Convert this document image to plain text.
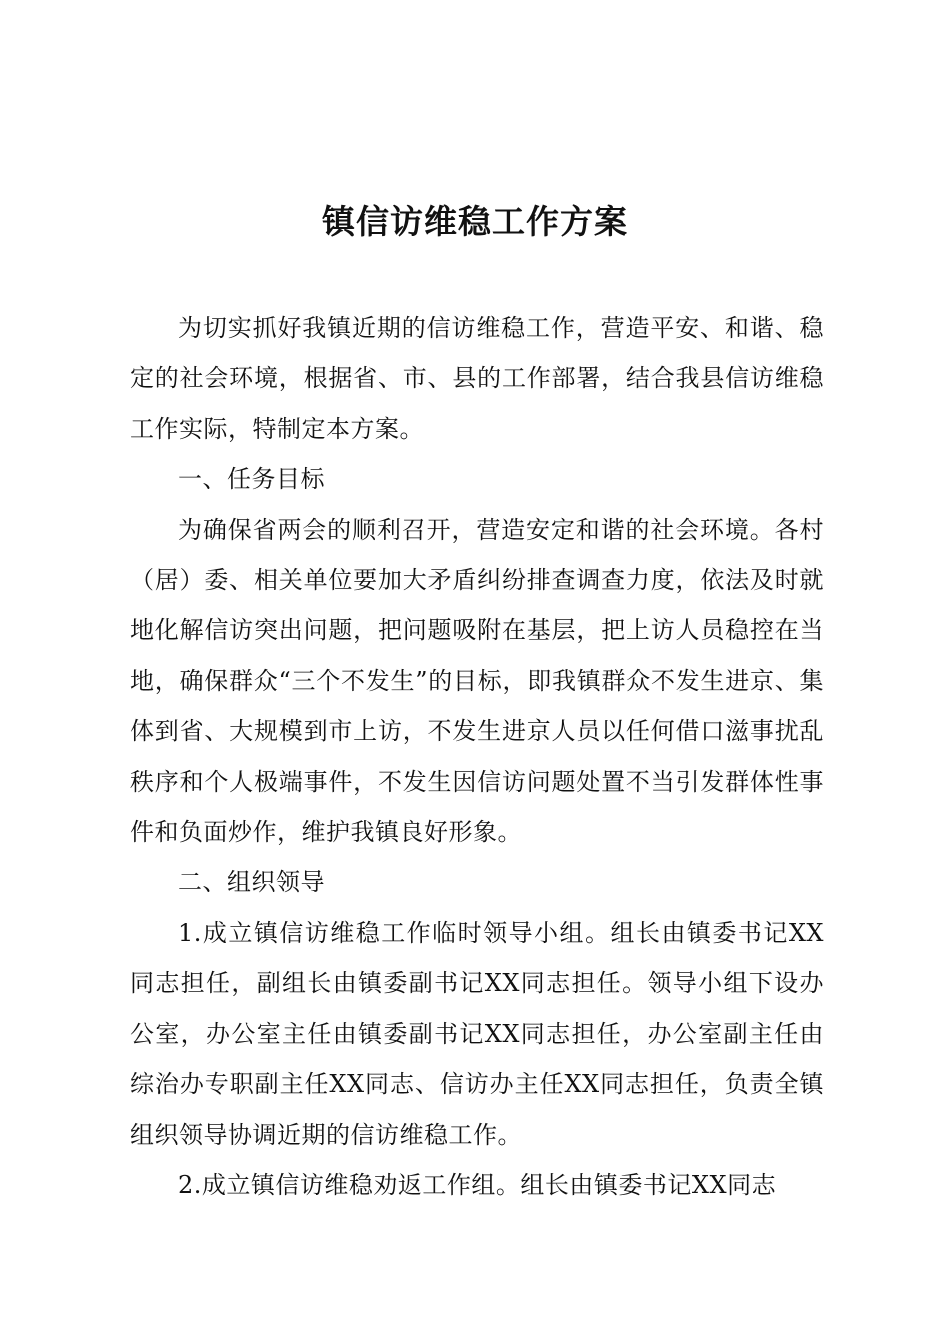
镇信访维稳工作方案

为切实抓好我镇近期的信访维稳工作，营造平安、和谐、稳定的社会环境，根据省、市、县的工作部署，结合我县信访维稳工作实际，特制定本方案。

一、任务目标

为确保省两会的顺利召开，营造安定和谐的社会环境。各村（居）委、相关单位要加大矛盾纠纷排查调查力度，依法及时就地化解信访突出问题，把问题吸附在基层，把上访人员稳控在当地，确保群众“三个不发生”的目标，即我镇群众不发生进京、集体到省、大规模到市上访，不发生进京人员以任何借口滋事扰乱秩序和个人极端事件，不发生因信访问题处置不当引发群体性事件和负面炒作，维护我镇良好形象。

二、组织领导

1.成立镇信访维稳工作临时领导小组。组长由镇委书记XX同志担任，副组长由镇委副书记XX同志担任。领导小组下设办公室，办公室主任由镇委副书记XX同志担任，办公室副主任由综治办专职副主任XX同志、信访办主任XX同志担任，负责全镇组织领导协调近期的信访维稳工作。

2.成立镇信访维稳劝返工作组。组长由镇委书记XX同志
